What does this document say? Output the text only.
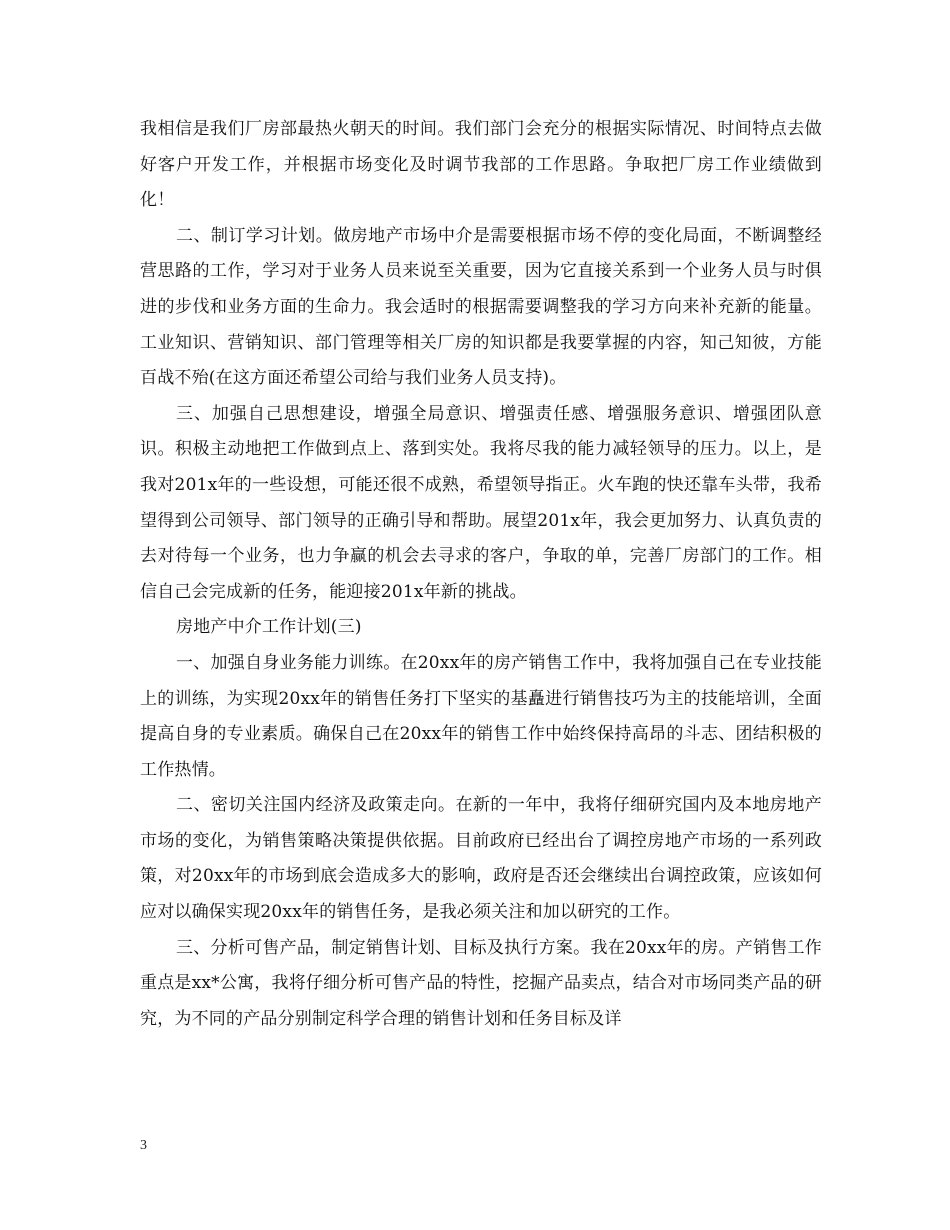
我相信是我们厂房部最热火朝天的时间。我们部门会充分的根据实际情况、时间特点去做好客户开发工作，并根据市场变化及时调节我部的工作思路。争取把厂房工作业绩做到化！

二、制订学习计划。做房地产市场中介是需要根据市场不停的变化局面，不断调整经营思路的工作，学习对于业务人员来说至关重要，因为它直接关系到一个业务人员与时俱进的步伐和业务方面的生命力。我会适时的根据需要调整我的学习方向来补充新的能量。工业知识、营销知识、部门管理等相关厂房的知识都是我要掌握的内容，知己知彼，方能百战不殆(在这方面还希望公司给与我们业务人员支持)。

三、加强自己思想建设，增强全局意识、增强责任感、增强服务意识、增强团队意识。积极主动地把工作做到点上、落到实处。我将尽我的能力减轻领导的压力。以上，是我对201x年的一些设想，可能还很不成熟，希望领导指正。火车跑的快还靠车头带，我希望得到公司领导、部门领导的正确引导和帮助。展望201x年，我会更加努力、认真负责的去对待每一个业务，也力争赢的机会去寻求的客户，争取的单，完善厂房部门的工作。相信自己会完成新的任务，能迎接201x年新的挑战。

房地产中介工作计划(三)

一、加强自身业务能力训练。在20xx年的房产销售工作中，我将加强自己在专业技能上的训练，为实现20xx年的销售任务打下坚实的基矗进行销售技巧为主的技能培训，全面提高自身的专业素质。确保自己在20xx年的销售工作中始终保持高昂的斗志、团结积极的工作热情。

二、密切关注国内经济及政策走向。在新的一年中，我将仔细研究国内及本地房地产市场的变化，为销售策略决策提供依据。目前政府已经出台了调控房地产市场的一系列政策，对20xx年的市场到底会造成多大的影响，政府是否还会继续出台调控政策，应该如何应对以确保实现20xx年的销售任务，是我必须关注和加以研究的工作。

三、分析可售产品，制定销售计划、目标及执行方案。我在20xx年的房。产销售工作重点是xx*公寓，我将仔细分析可售产品的特性，挖掘产品卖点，结合对市场同类产品的研究，为不同的产品分别制定科学合理的销售计划和任务目标及详

3
